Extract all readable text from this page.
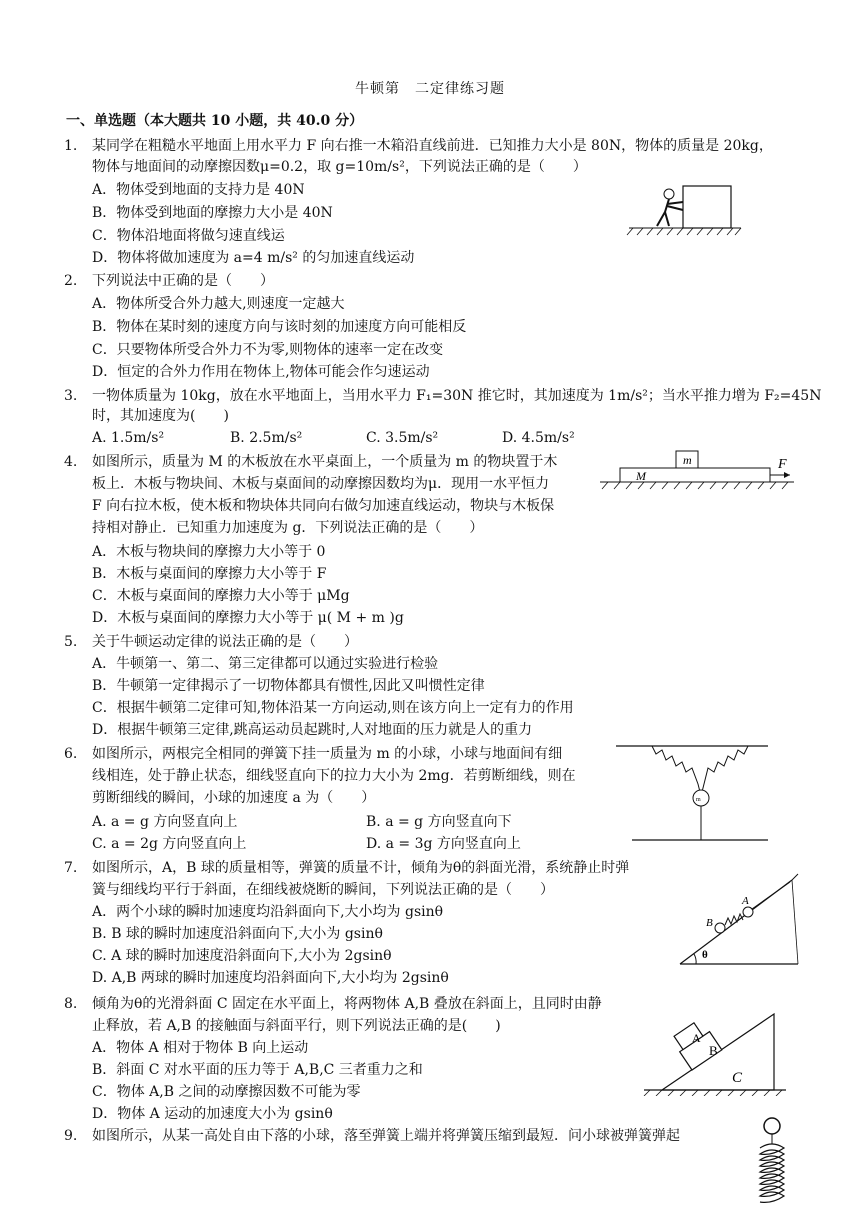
牛顿第　二定律练习题
一、单选题（本大题共 10 小题，共 40.0 分）
1. 某同学在粗糙水平地面上用水平力 F 向右推一木箱沿直线前进．已知推力大小是 80N，物体的质量是 20kg，
物体与地面间的动摩擦因数μ=0.2，取 g=10m/s²，下列说法正确的是（　　）
A．物体受到地面的支持力是 40N
B．物体受到地面的摩擦力大小是 40N
C．物体沿地面将做匀速直线运
D．物体将做加速度为 a=4 m/s² 的匀加速直线运动
2. 下列说法中正确的是（　　）
A．物体所受合外力越大,则速度一定越大
B．物体在某时刻的速度方向与该时刻的加速度方向可能相反
C．只要物体所受合外力不为零,则物体的速率一定在改变
D．恒定的合外力作用在物体上,物体可能会作匀速运动
3. 一物体质量为 10kg，放在水平地面上，当用水平力 F₁=30N 推它时，其加速度为 1m/s²；当水平推力增为 F₂=45N
时，其加速度为(　　)
A. 1.5m/s²	B. 2.5m/s²	C. 3.5m/s²	D. 4.5m/s²
4. 如图所示，质量为 M 的木板放在水平桌面上，一个质量为 m 的物块置于木
板上．木板与物块间、木板与桌面间的动摩擦因数均为μ．现用一水平恒力
F 向右拉木板，使木板和物块体共同向右做匀加速直线运动，物块与木板保
持相对静止．已知重力加速度为 g．下列说法正确的是（　　）
A．木板与物块间的摩擦力大小等于 0
B．木板与桌面间的摩擦力大小等于 F
C．木板与桌面间的摩擦力大小等于 μMg
D．木板与桌面间的摩擦力大小等于 μ( M + m )g
m
M
F
5. 关于牛顿运动定律的说法正确的是（　　）
A．牛顿第一、第二、第三定律都可以通过实验进行检验
B．牛顿第一定律揭示了一切物体都具有惯性,因此又叫惯性定律
C．根据牛顿第二定律可知,物体沿某一方向运动,则在该方向上一定有力的作用
D．根据牛顿第三定律,跳高运动员起跳时,人对地面的压力就是人的重力
6. 如图所示，两根完全相同的弹簧下挂一质量为 m 的小球，小球与地面间有细
线相连，处于静止状态，细线竖直向下的拉力大小为 2mg．若剪断细线，则在
剪断细线的瞬间，小球的加速度 a 为（　　）
A. a = g 方向竖直向上	B. a = g 方向竖直向下
C. a = 2g 方向竖直向上	D. a = 3g 方向竖直向上
m
7. 如图所示，A，B 球的质量相等，弹簧的质量不计，倾角为θ的斜面光滑，系统静止时弹
簧与细线均平行于斜面，在细线被烧断的瞬间，下列说法正确的是（　　）
A．两个小球的瞬时加速度均沿斜面向下,大小均为 gsinθ
B. B 球的瞬时加速度沿斜面向下,大小为 gsinθ
C. A 球的瞬时加速度沿斜面向下,大小为 2gsinθ
D. A,B 两球的瞬时加速度均沿斜面向下,大小均为 2gsinθ
θ
B
A
8. 倾角为θ的光滑斜面 C 固定在水平面上，将两物体 A,B 叠放在斜面上，且同时由静
止释放，若 A,B 的接触面与斜面平行，则下列说法正确的是(　　)
A．物体 A 相对于物体 B 向上运动
B．斜面 C 对水平面的压力等于 A,B,C 三者重力之和
C．物体 A,B 之间的动摩擦因数不可能为零
D．物体 A 运动的加速度大小为 gsinθ
B
A
C
9. 如图所示，从某一高处自由下落的小球，落至弹簧上端并将弹簧压缩到最短．问小球被弹簧弹起
